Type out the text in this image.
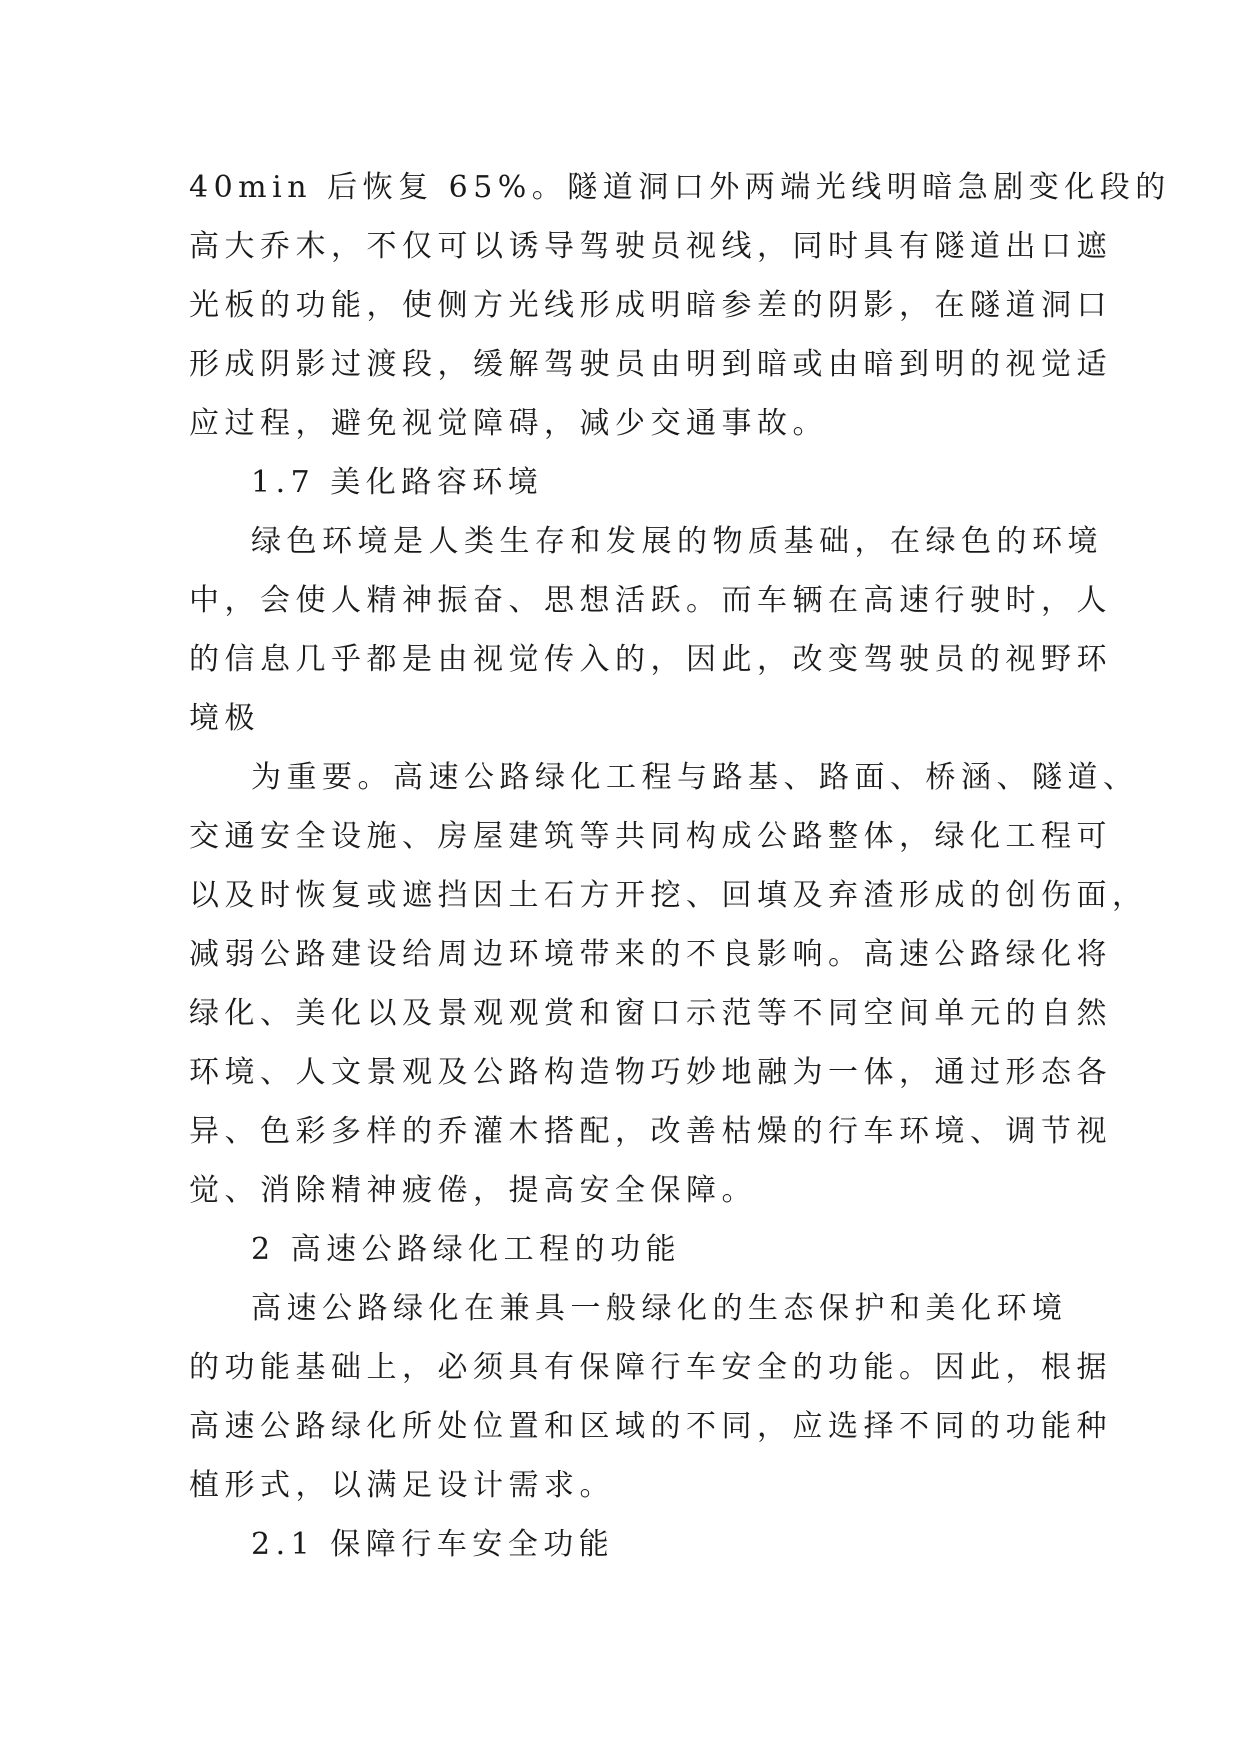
40min 后恢复 65%。隧道洞口外两端光线明暗急剧变化段的

高大乔木，不仅可以诱导驾驶员视线，同时具有隧道出口遮

光板的功能，使侧方光线形成明暗参差的阴影，在隧道洞口

形成阴影过渡段，缓解驾驶员由明到暗或由暗到明的视觉适

应过程，避免视觉障碍，减少交通事故。

1.7 美化路容环境

绿色环境是人类生存和发展的物质基础，在绿色的环境

中，会使人精神振奋、思想活跃。而车辆在高速行驶时，人

的信息几乎都是由视觉传入的，因此，改变驾驶员的视野环

境极

为重要。高速公路绿化工程与路基、路面、桥涵、隧道、

交通安全设施、房屋建筑等共同构成公路整体，绿化工程可

以及时恢复或遮挡因土石方开挖、回填及弃渣形成的创伤面，

减弱公路建设给周边环境带来的不良影响。高速公路绿化将

绿化、美化以及景观观赏和窗口示范等不同空间单元的自然

环境、人文景观及公路构造物巧妙地融为一体，通过形态各

异、色彩多样的乔灌木搭配，改善枯燥的行车环境、调节视

觉、消除精神疲倦，提高安全保障。

2 高速公路绿化工程的功能

高速公路绿化在兼具一般绿化的生态保护和美化环境

的功能基础上，必须具有保障行车安全的功能。因此，根据

高速公路绿化所处位置和区域的不同，应选择不同的功能种

植形式，以满足设计需求。

2.1 保障行车安全功能
